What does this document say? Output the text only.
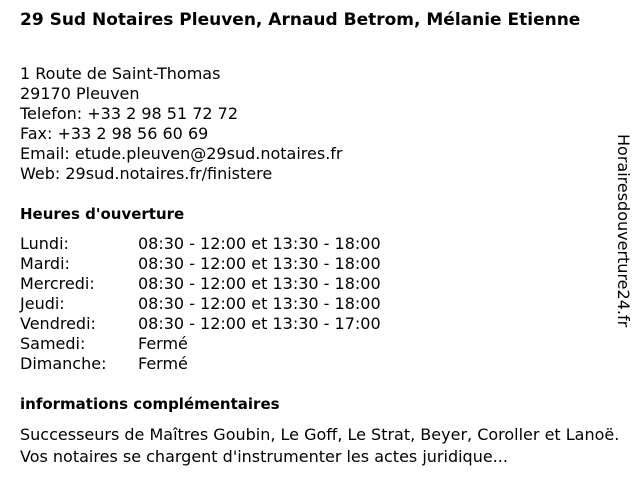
29 Sud Notaires Pleuven, Arnaud Betrom, Mélanie Etienne
1 Route de Saint-Thomas
29170 Pleuven
Telefon: +33 2 98 51 72 72
Fax: +33 2 98 56 60 69
Email: etude.pleuven@29sud.notaires.fr
Web: 29sud.notaires.fr/finistere
Heures d'ouverture
Lundi:	08:30 - 12:00 et 13:30 - 18:00
Mardi:	08:30 - 12:00 et 13:30 - 18:00
Mercredi:	08:30 - 12:00 et 13:30 - 18:00
Jeudi:	08:30 - 12:00 et 13:30 - 18:00
Vendredi:	08:30 - 12:00 et 13:30 - 17:00
Samedi:	Fermé
Dimanche:	Fermé
informations complémentaires

Successeurs de Maîtres Goubin, Le Goff, Le Strat, Beyer, Coroller et Lanoë. Vos notaires se chargent d'instrumenter les actes juridique...

Horairesdouverture24.fr
